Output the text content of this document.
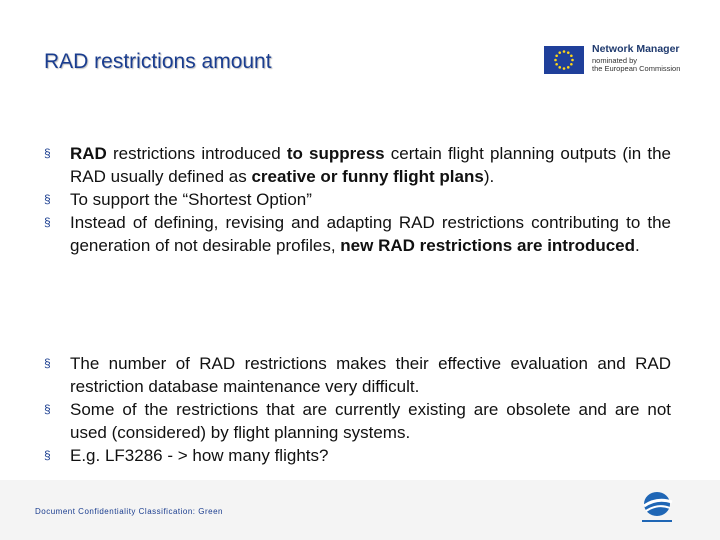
RAD restrictions amount
Network Manager
nominated by
the European Commission
§ RAD restrictions introduced to suppress certain flight planning outputs (in the RAD usually defined as creative or funny flight plans).
§ To support the “Shortest Option”
§ Instead of defining, revising and adapting RAD restrictions contributing to the generation of not desirable profiles, new RAD restrictions are introduced.
§ The number of RAD restrictions makes their effective evaluation and RAD restriction database maintenance very difficult.
§ Some of the restrictions that are currently existing are obsolete and are not used (considered) by flight planning systems.
§ E.g. LF3286 - > how many flights?
Document Confidentiality Classification: Green
